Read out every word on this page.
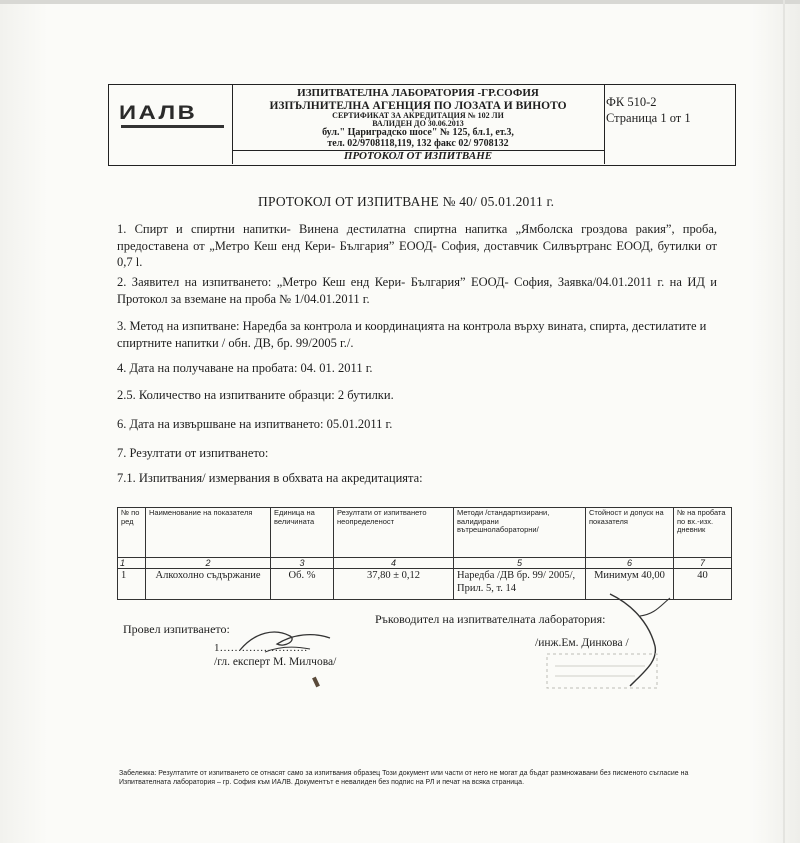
ИАЛВ
ИЗПИТВАТЕЛНА ЛАБОРАТОРИЯ -ГР.СОФИЯ
ИЗПЪЛНИТЕЛНА АГЕНЦИЯ ПО ЛОЗАТА И ВИНОТО
СЕРТИФИКАТ ЗА АКРЕДИТАЦИЯ № 102 ЛИ
ВАЛИДЕН ДО 30.06.2013
бул." Цариградско шосе" № 125, бл.1, ет.3,
тел. 02/9708118,119, 132 факс 02/ 9708132
ПРОТОКОЛ ОТ ИЗПИТВАНЕ
ФК 510-2
Страница 1 от 1
ПРОТОКОЛ ОТ ИЗПИТВАНЕ № 40/ 05.01.2011 г.
1. Спирт и спиртни напитки- Винена дестилатна спиртна напитка „Ямболска гроздова ракия”, проба, предоставена от „Метро Кеш енд Кери- България” ЕООД- София, доставчик Силвъртранс ЕООД, бутилки от 0,7 l.
2. Заявител на изпитването: „Метро Кеш енд Кери- България” ЕООД- София, Заявка/04.01.2011 г. на ИД и Протокол за вземане на проба № 1/04.01.2011 г.
3. Метод на изпитване: Наредба за контрола и координацията на контрола върху вината, спирта, дестилатите и спиртните напитки / обн. ДВ, бр. 99/2005 г./.
4. Дата на получаване на пробата: 04. 01. 2011 г.
2.5. Количество на изпитваните образци: 2 бутилки.
6. Дата на извършване на изпитването: 05.01.2011 г.
7. Резултати от изпитването:
7.1. Изпитвания/ измервания в обхвата на акредитацията:
№ по ред	Наименование на показателя	Единица на величината	Резултати от изпитването неопределеност	Методи /стандартизирани, валидирани вътрешнолабораторни/	Стойност и допуск на показателя	№ на пробата по вх.-изх. дневник
1	2	3	4	5	6	7
1	Алкохолно съдържание	Об. %	37,80 ± 0,12	Наредба /ДВ бр. 99/ 2005/, Прил. 5, т. 14	Минимум 40,00	40
Провел изпитването:
1……………………
/гл. експерт М. Милчова/
Ръководител на изпитвателната лаборатория:
/инж.Ем. Динкова /
Забележка: Резултатите от изпитването се отнасят само за изпитвания образец Този документ или части от него не могат да бъдат размножавани без писменото съгласие на Изпитвателната лаборатория – гр. София към ИАЛВ. Документът е невалиден без подпис на РЛ и печат на всяка страница.
